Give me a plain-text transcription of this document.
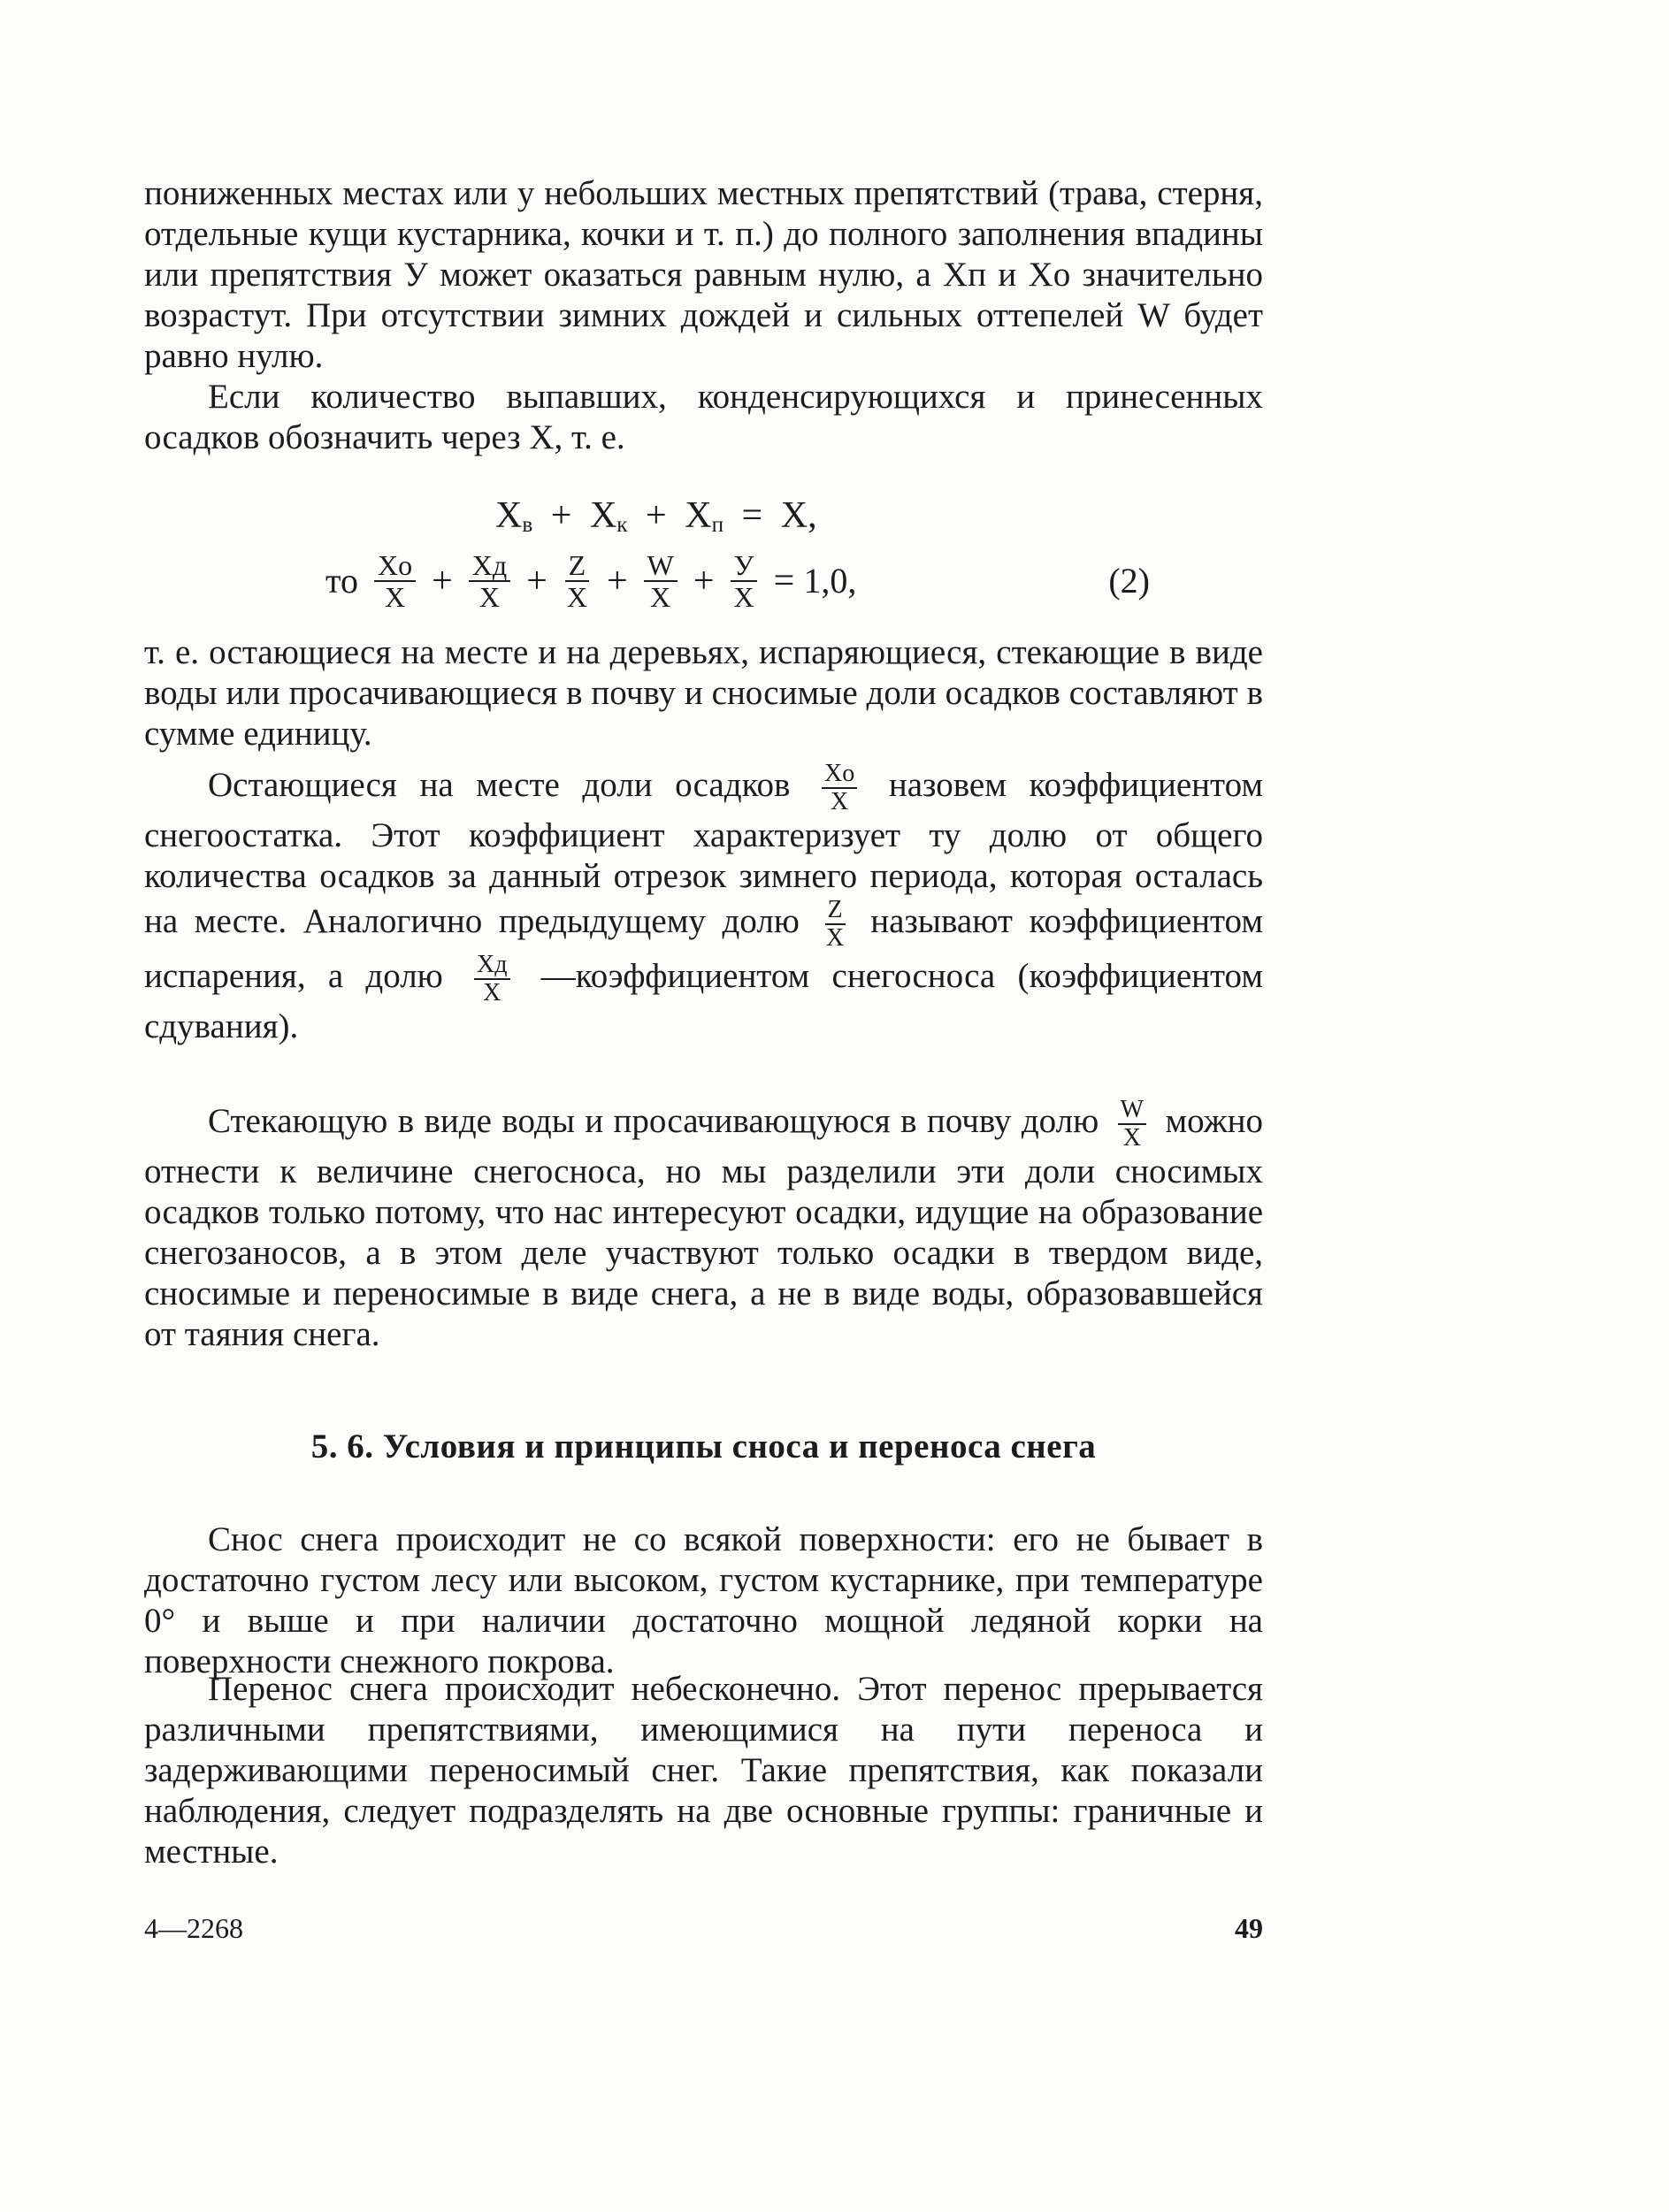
пониженных местах или у небольших местных препятствий (трава, стерня, отдельные кущи кустарника, кочки и т. п.) до полного заполнения впадины или препятствия У может оказаться равным нулю, а Xп и Xо значительно возрастут. При отсутствии зимних дождей и сильных оттепелей W будет равно нулю.

Если количество выпавших, конденсирующихся и принесенных осадков обозначить через X, т. е.

$X_в + X_к + X_п = X$,
то $\frac{Xо}{X} + \frac{Xд}{X} + \frac{Z}{X} + \frac{W}{X} + \frac{У}{X} = 1,0$,	(2)

т. е. остающиеся на месте и на деревьях, испаряющиеся, стекающие в виде воды или просачивающиеся в почву и сносимые доли осадков составляют в сумме единицу.

Остающиеся на месте доли осадков $\frac{Xо}{X}$ назовем коэффициентом снегоостатка. Этот коэффициент характеризует ту долю от общего количества осадков за данный отрезок зимнего периода, которая осталась на месте. Аналогично предыдущему долю $\frac{Z}{X}$ называют коэффициентом испарения, а долю $\frac{Xд}{X}$ —коэффициентом снегосноса (коэффициентом сдувания).

Стекающую в виде воды и просачивающуюся в почву долю $\frac{W}{X}$ можно отнести к величине снегосноса, но мы разделили эти доли сносимых осадков только потому, что нас интересуют осадки, идущие на образование снегозаносов, а в этом деле участвуют только осадки в твердом виде, сносимые и переносимые в виде снега, а не в виде воды, образовавшейся от таяния снега.

5. 6. Условия и принципы сноса и переноса снега

Снос снега происходит не со всякой поверхности: его не бывает в достаточно густом лесу или высоком, густом кустарнике, при температуре 0° и выше и при наличии достаточно мощной ледяной корки на поверхности снежного покрова.

Перенос снега происходит небесконечно. Этот перенос прерывается различными препятствиями, имеющимися на пути переноса и задерживающими переносимый снег. Такие препятствия, как показали наблюдения, следует подразделять на две основные группы: граничные и местные.

4—2268	49
